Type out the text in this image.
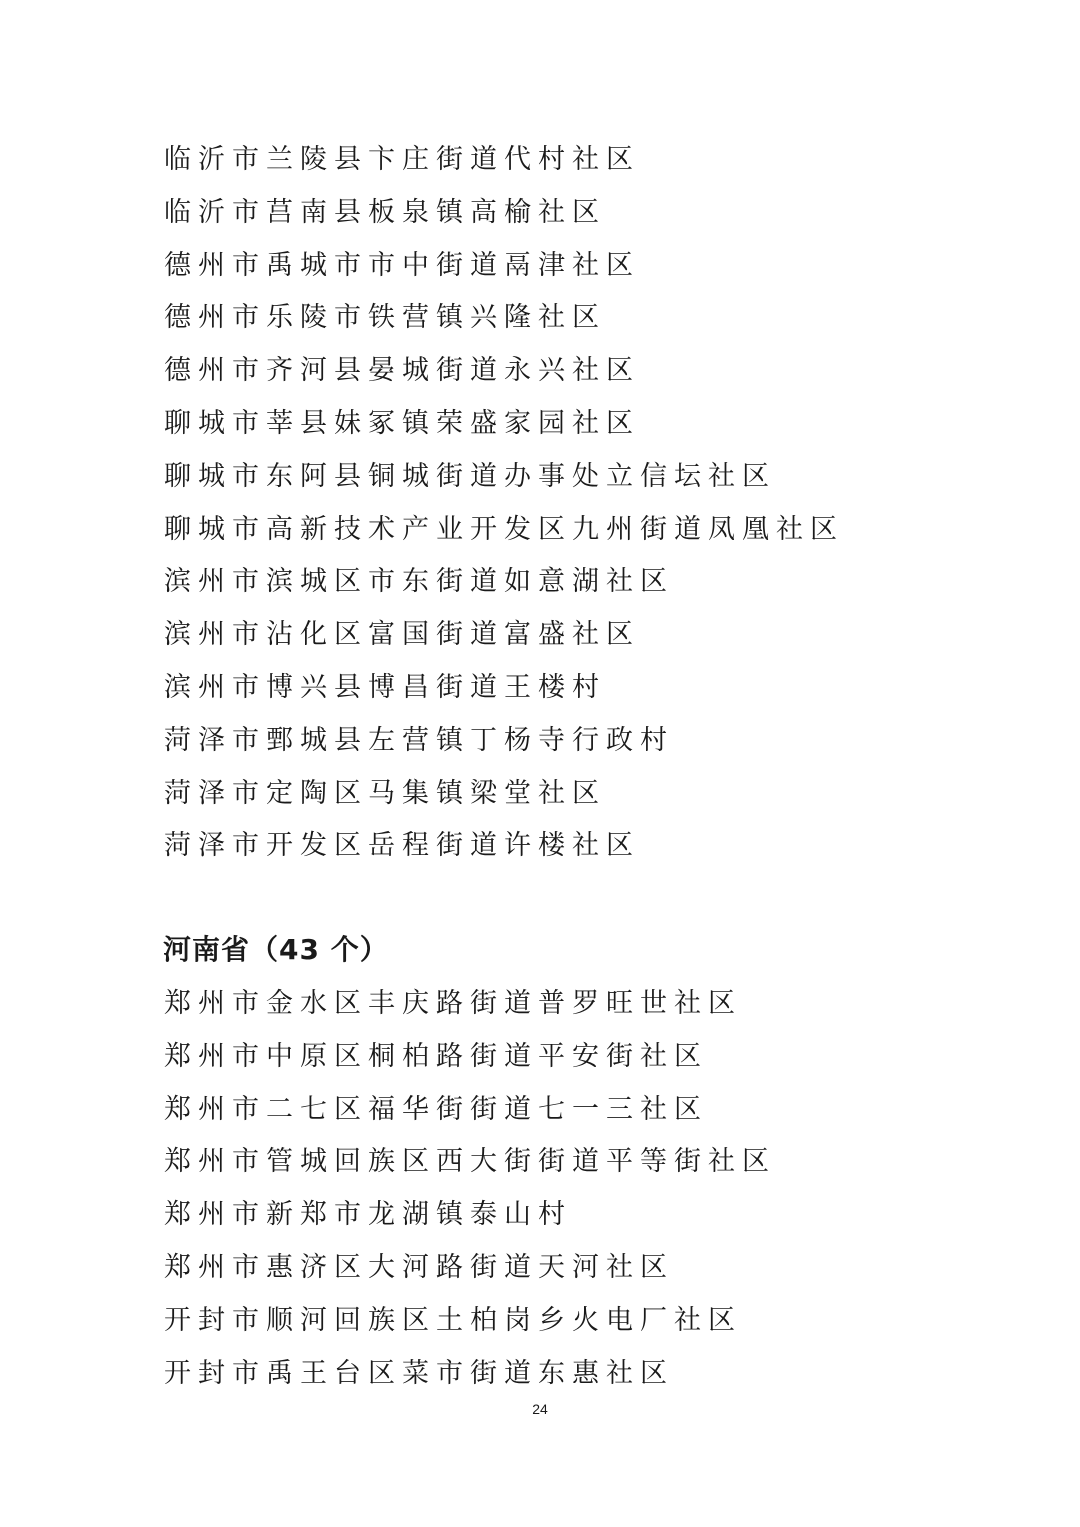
临沂市兰陵县卞庄街道代村社区
临沂市莒南县板泉镇高榆社区
德州市禹城市市中街道鬲津社区
德州市乐陵市铁营镇兴隆社区
德州市齐河县晏城街道永兴社区
聊城市莘县妹冢镇荣盛家园社区
聊城市东阿县铜城街道办事处立信坛社区
聊城市高新技术产业开发区九州街道凤凰社区
滨州市滨城区市东街道如意湖社区
滨州市沾化区富国街道富盛社区
滨州市博兴县博昌街道王楼村
菏泽市鄄城县左营镇丁杨寺行政村
菏泽市定陶区马集镇梁堂社区
菏泽市开发区岳程街道许楼社区
河南省（43 个）
郑州市金水区丰庆路街道普罗旺世社区
郑州市中原区桐柏路街道平安街社区
郑州市二七区福华街街道七一三社区
郑州市管城回族区西大街街道平等街社区
郑州市新郑市龙湖镇泰山村
郑州市惠济区大河路街道天河社区
开封市顺河回族区土柏岗乡火电厂社区
开封市禹王台区菜市街道东惠社区
24
